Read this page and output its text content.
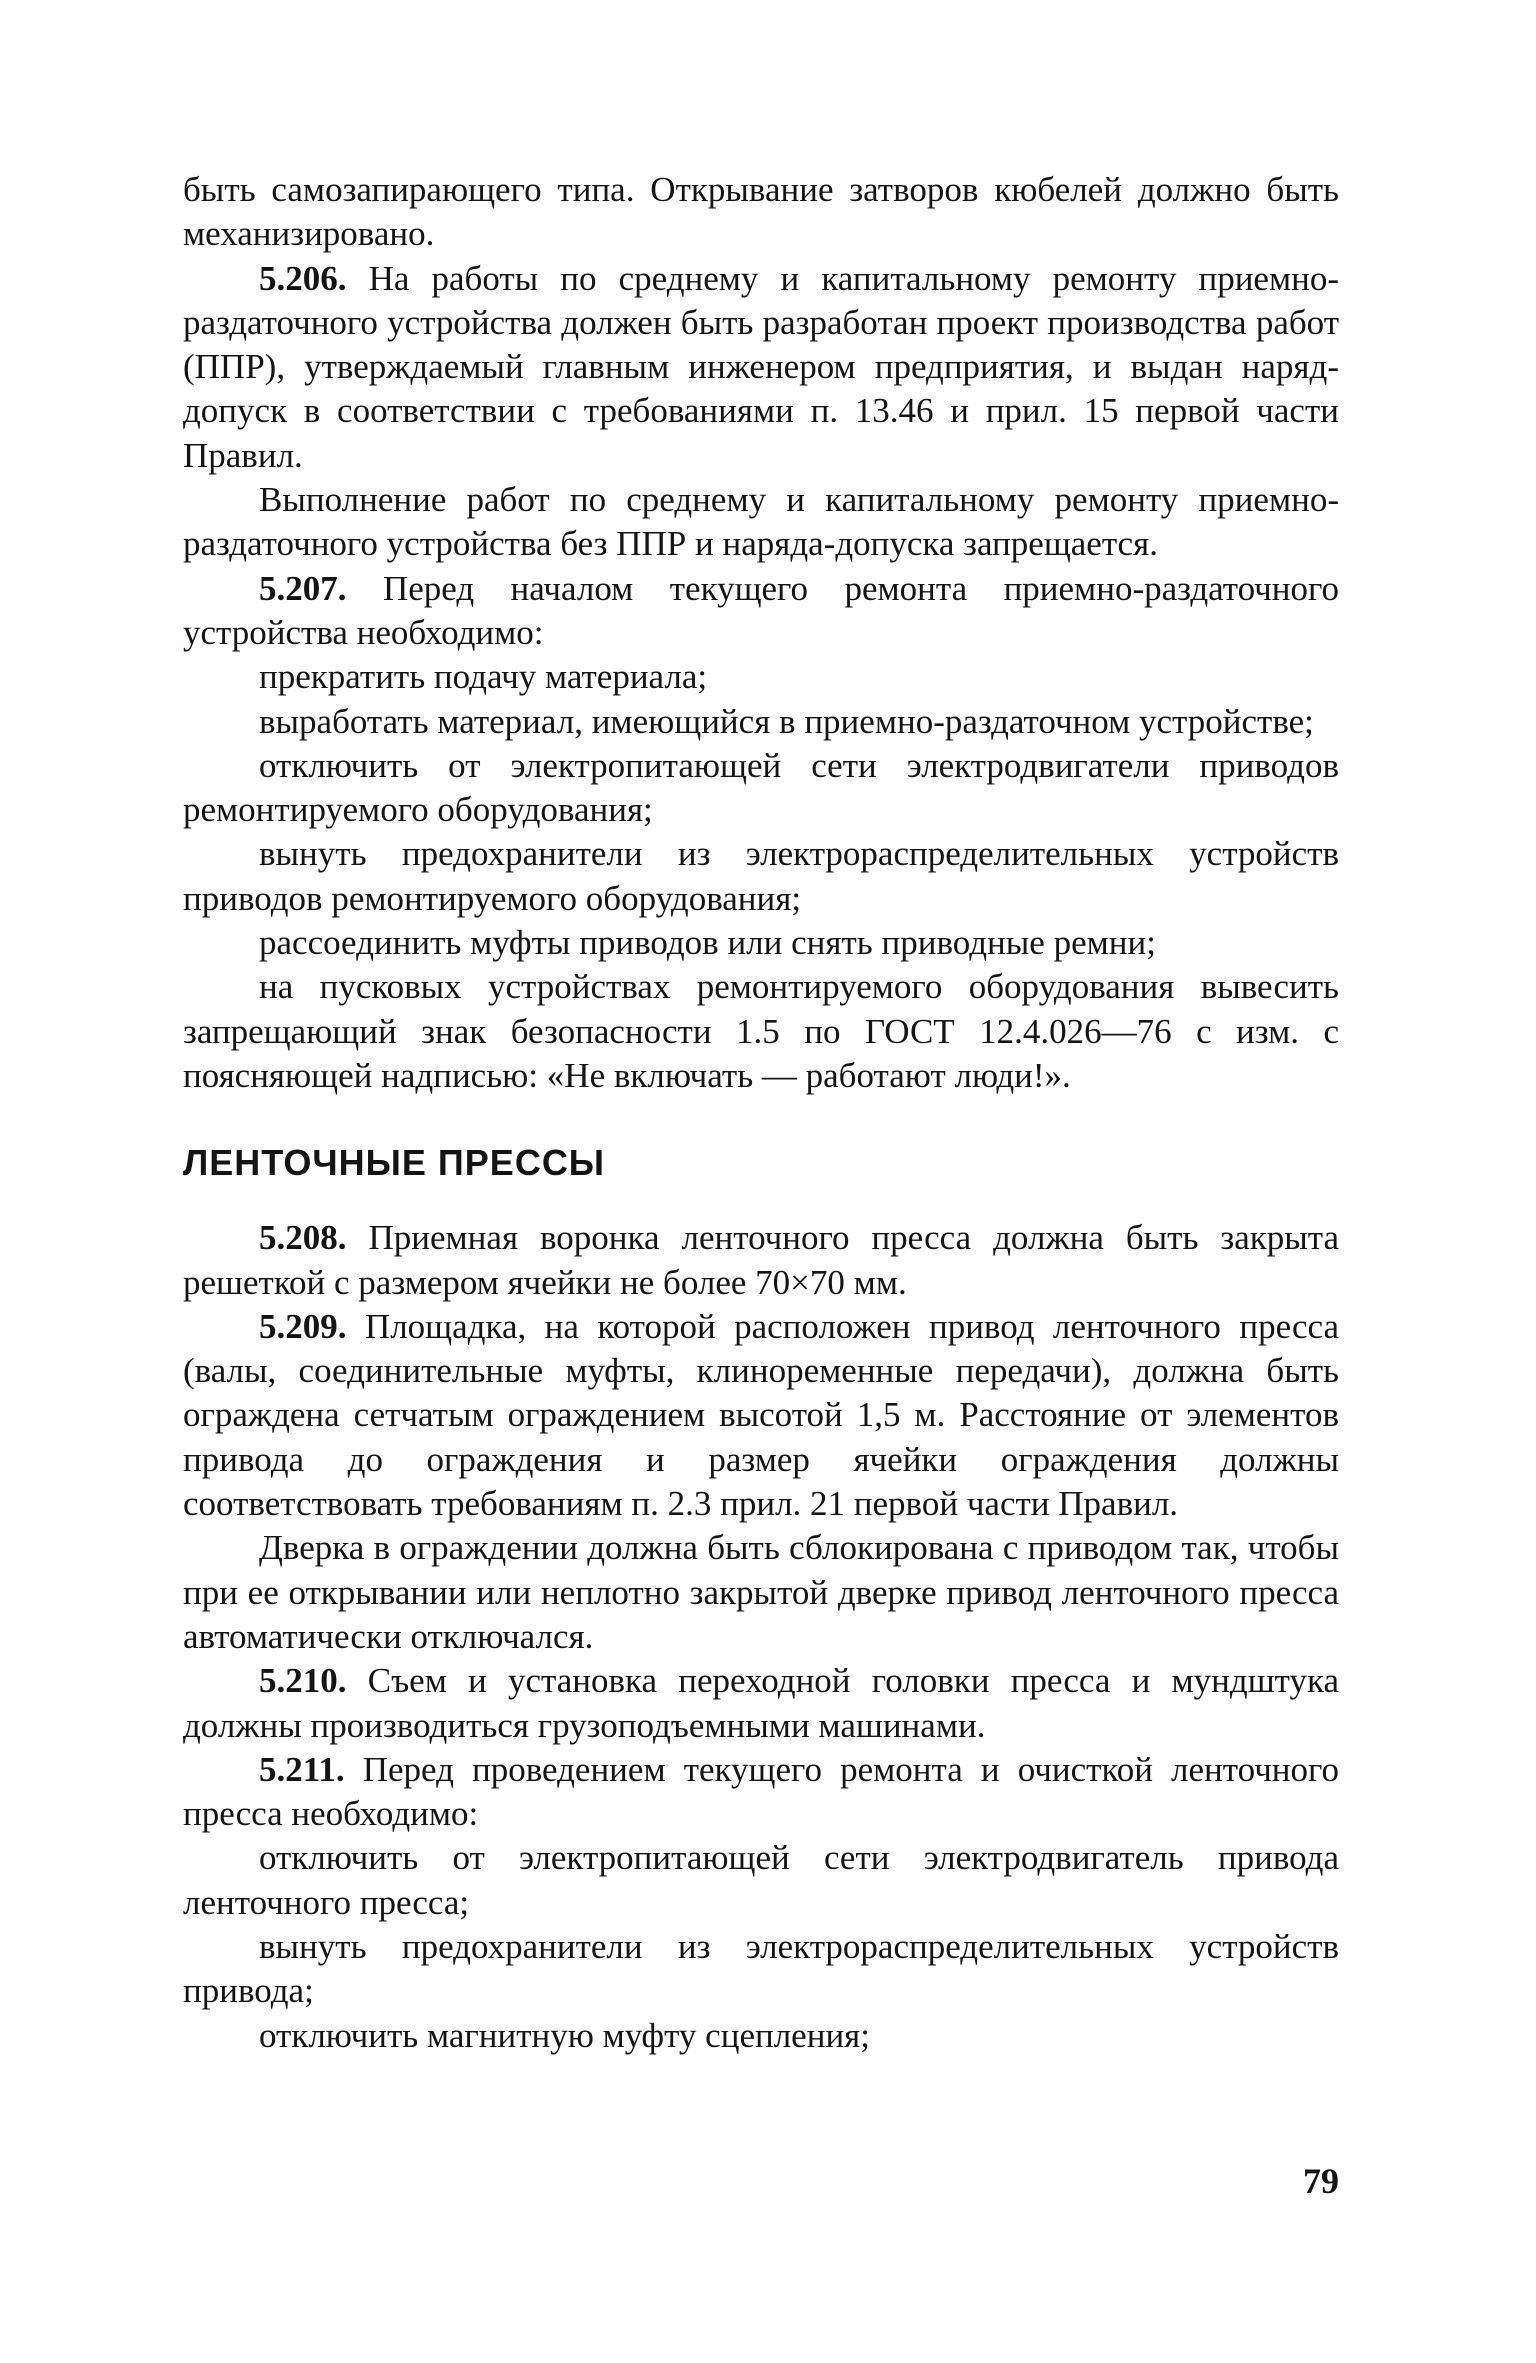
быть самозапирающего типа. Открывание затворов кюбелей должно быть механизировано.

5.206. На работы по среднему и капитальному ремонту приемно-раздаточного устройства должен быть разработан проект производства работ (ППР), утверждаемый главным инженером предприятия, и выдан наряд-допуск в соответствии с требованиями п. 13.46 и прил. 15 первой части Правил.

Выполнение работ по среднему и капитальному ремонту приемно-раздаточного устройства без ППР и наряда-допуска запрещается.

5.207. Перед началом текущего ремонта приемно-раздаточного устройства необходимо:

прекратить подачу материала;

выработать материал, имеющийся в приемно-раздаточном устройстве;

отключить от электропитающей сети электродвигатели приводов ремонтируемого оборудования;

вынуть предохранители из электрораспределительных устройств приводов ремонтируемого оборудования;

рассоединить муфты приводов или снять приводные ремни;

на пусковых устройствах ремонтируемого оборудования вывесить запрещающий знак безопасности 1.5 по ГОСТ 12.4.026—76 с изм. с поясняющей надписью: «Не включать — работают люди!».

ЛЕНТОЧНЫЕ ПРЕССЫ

5.208. Приемная воронка ленточного пресса должна быть закрыта решеткой с размером ячейки не более 70×70 мм.

5.209. Площадка, на которой расположен привод ленточного пресса (валы, соединительные муфты, клиноременные передачи), должна быть ограждена сетчатым ограждением высотой 1,5 м. Расстояние от элементов привода до ограждения и размер ячейки ограждения должны соответствовать требованиям п. 2.3 прил. 21 первой части Правил.

Дверка в ограждении должна быть сблокирована с приводом так, чтобы при ее открывании или неплотно закрытой дверке привод ленточного пресса автоматически отключался.

5.210. Съем и установка переходной головки пресса и мундштука должны производиться грузоподъемными машинами.

5.211. Перед проведением текущего ремонта и очисткой ленточного пресса необходимо:

отключить от электропитающей сети электродвигатель привода ленточного пресса;

вынуть предохранители из электрораспределительных устройств привода;

отключить магнитную муфту сцепления;

79
